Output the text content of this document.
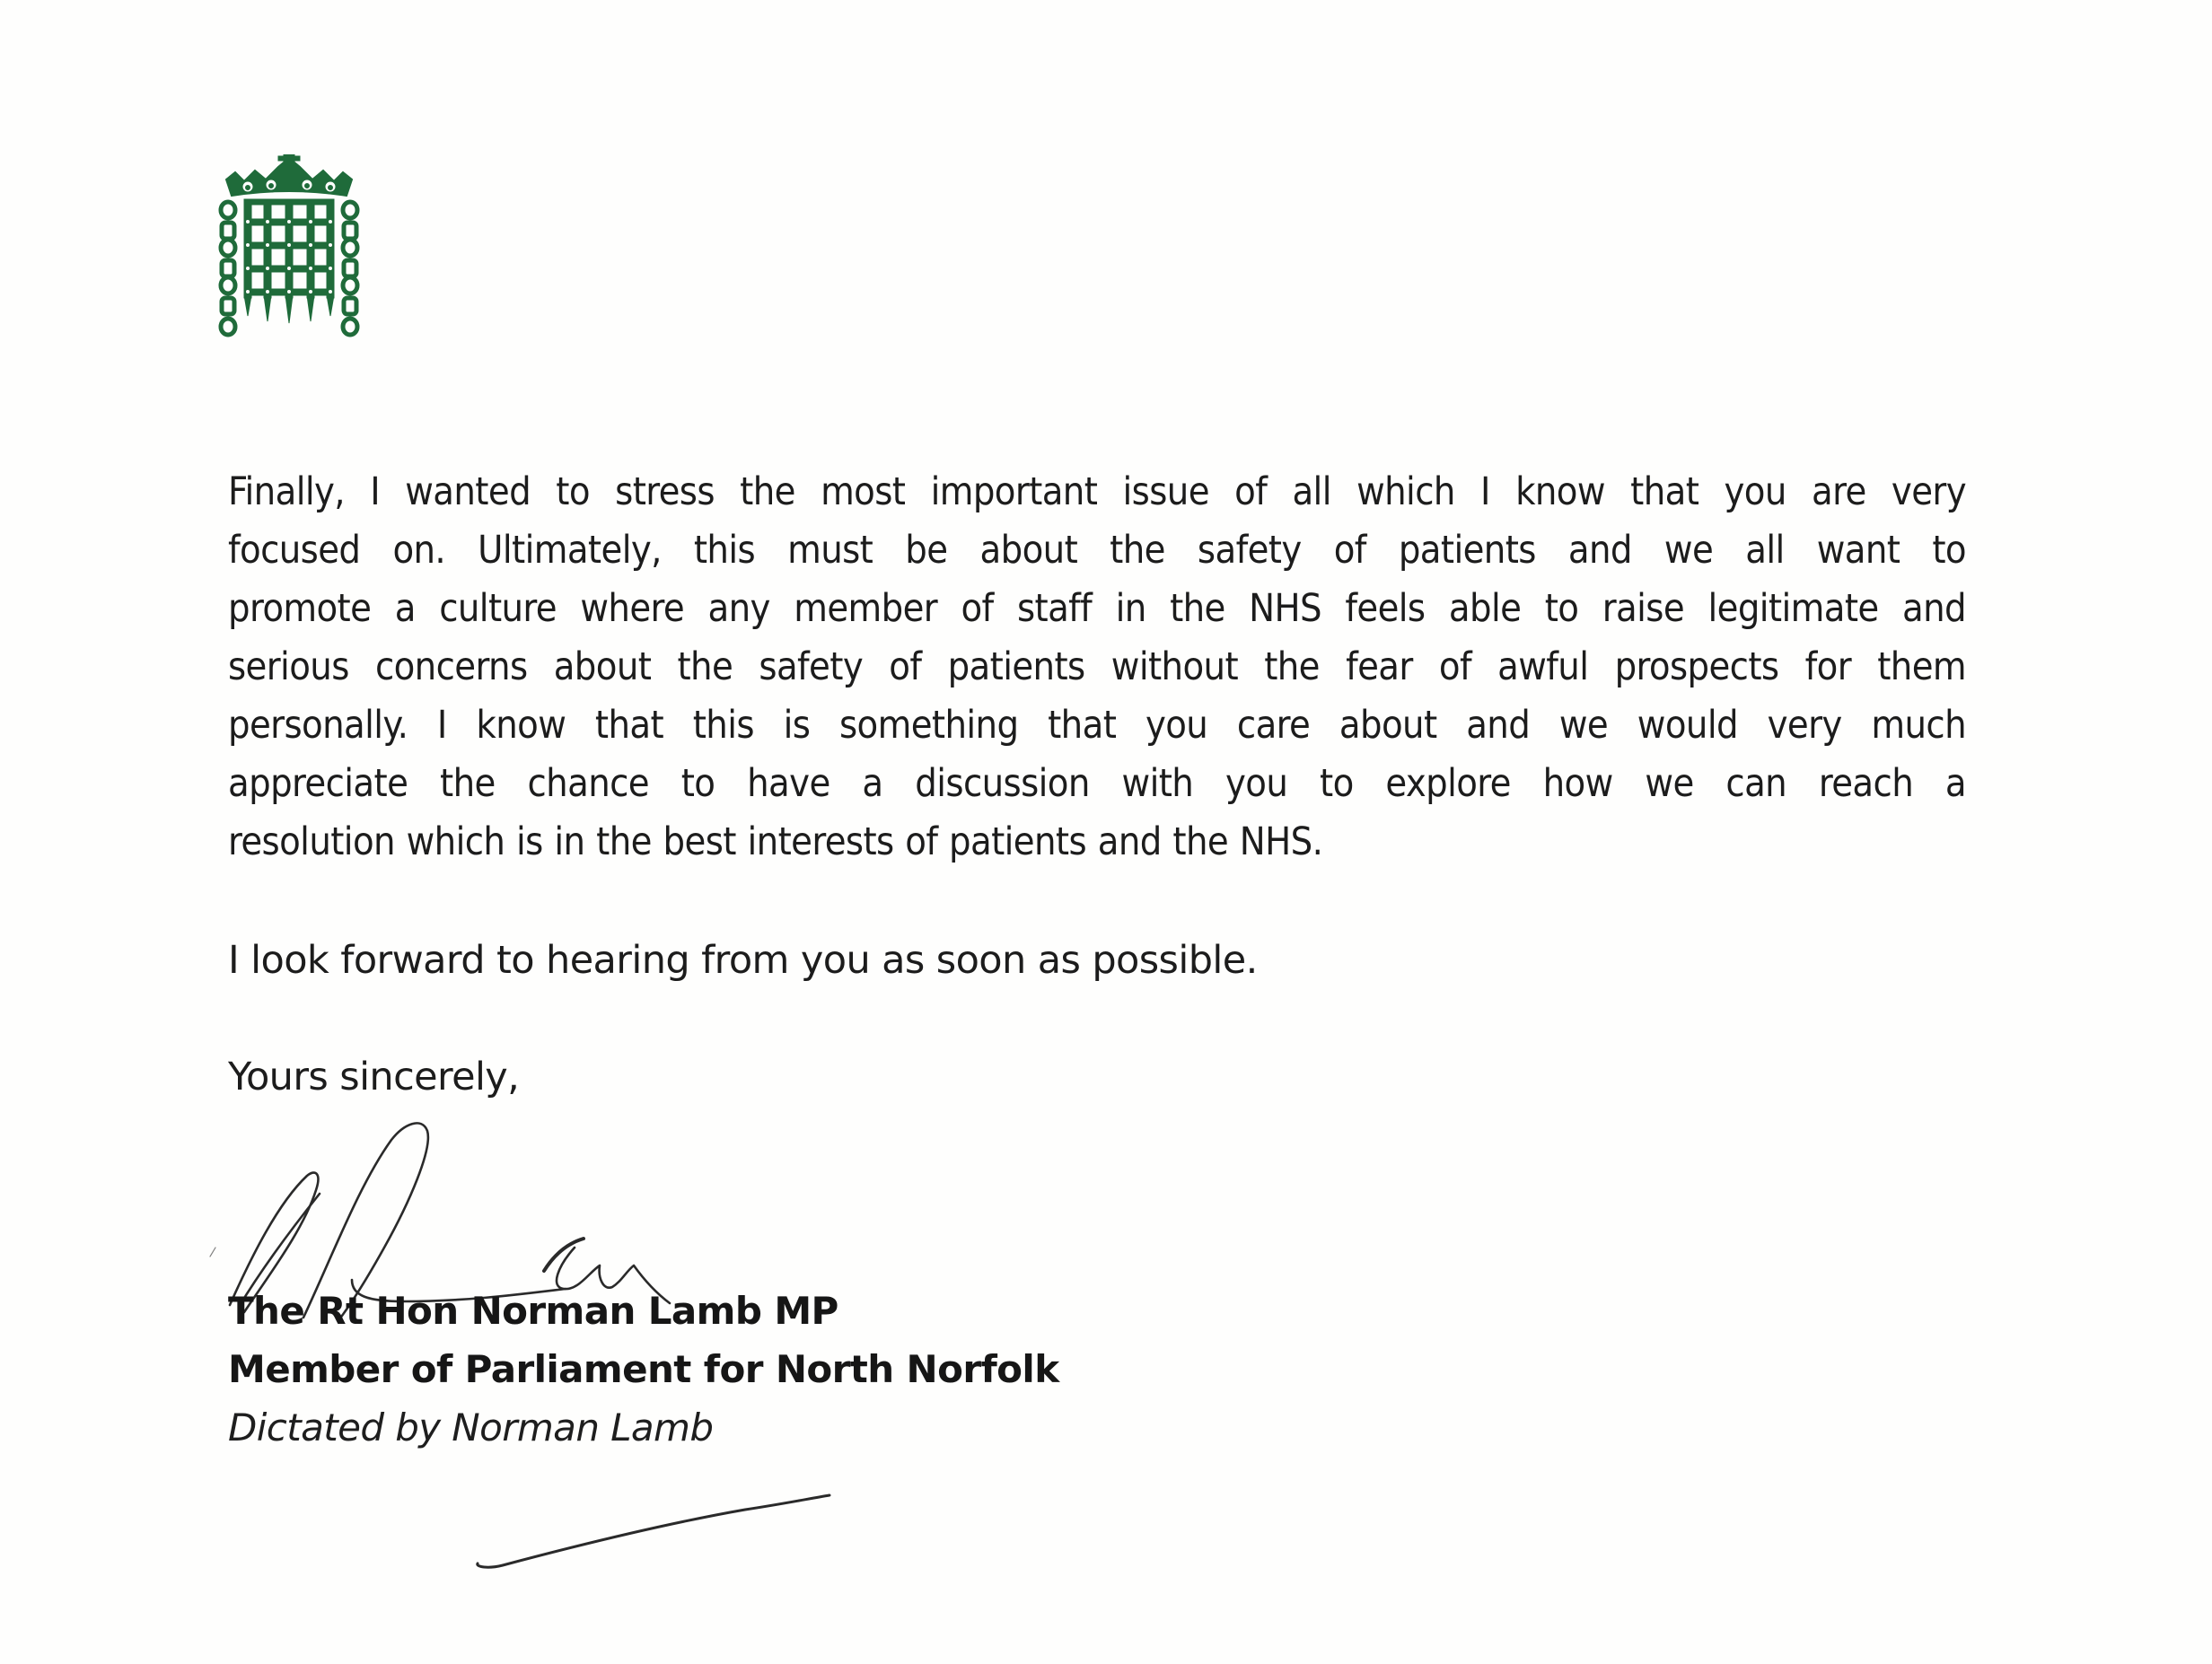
Finally, I wanted to stress the most important issue of all which I know that you are very
focused on. Ultimately, this must be about the safety of patients and we all want to
promote a culture where any member of staff in the NHS feels able to raise legitimate and
serious concerns about the safety of patients without the fear of awful prospects for them
personally. I know that this is something that you care about and we would very much
appreciate the chance to have a discussion with you to explore how we can reach a
resolution which is in the best interests of patients and the NHS.
I look forward to hearing from you as soon as possible.
Yours sincerely,
The Rt Hon Norman Lamb MP
Member of Parliament for North Norfolk
Dictated by Norman Lamb
